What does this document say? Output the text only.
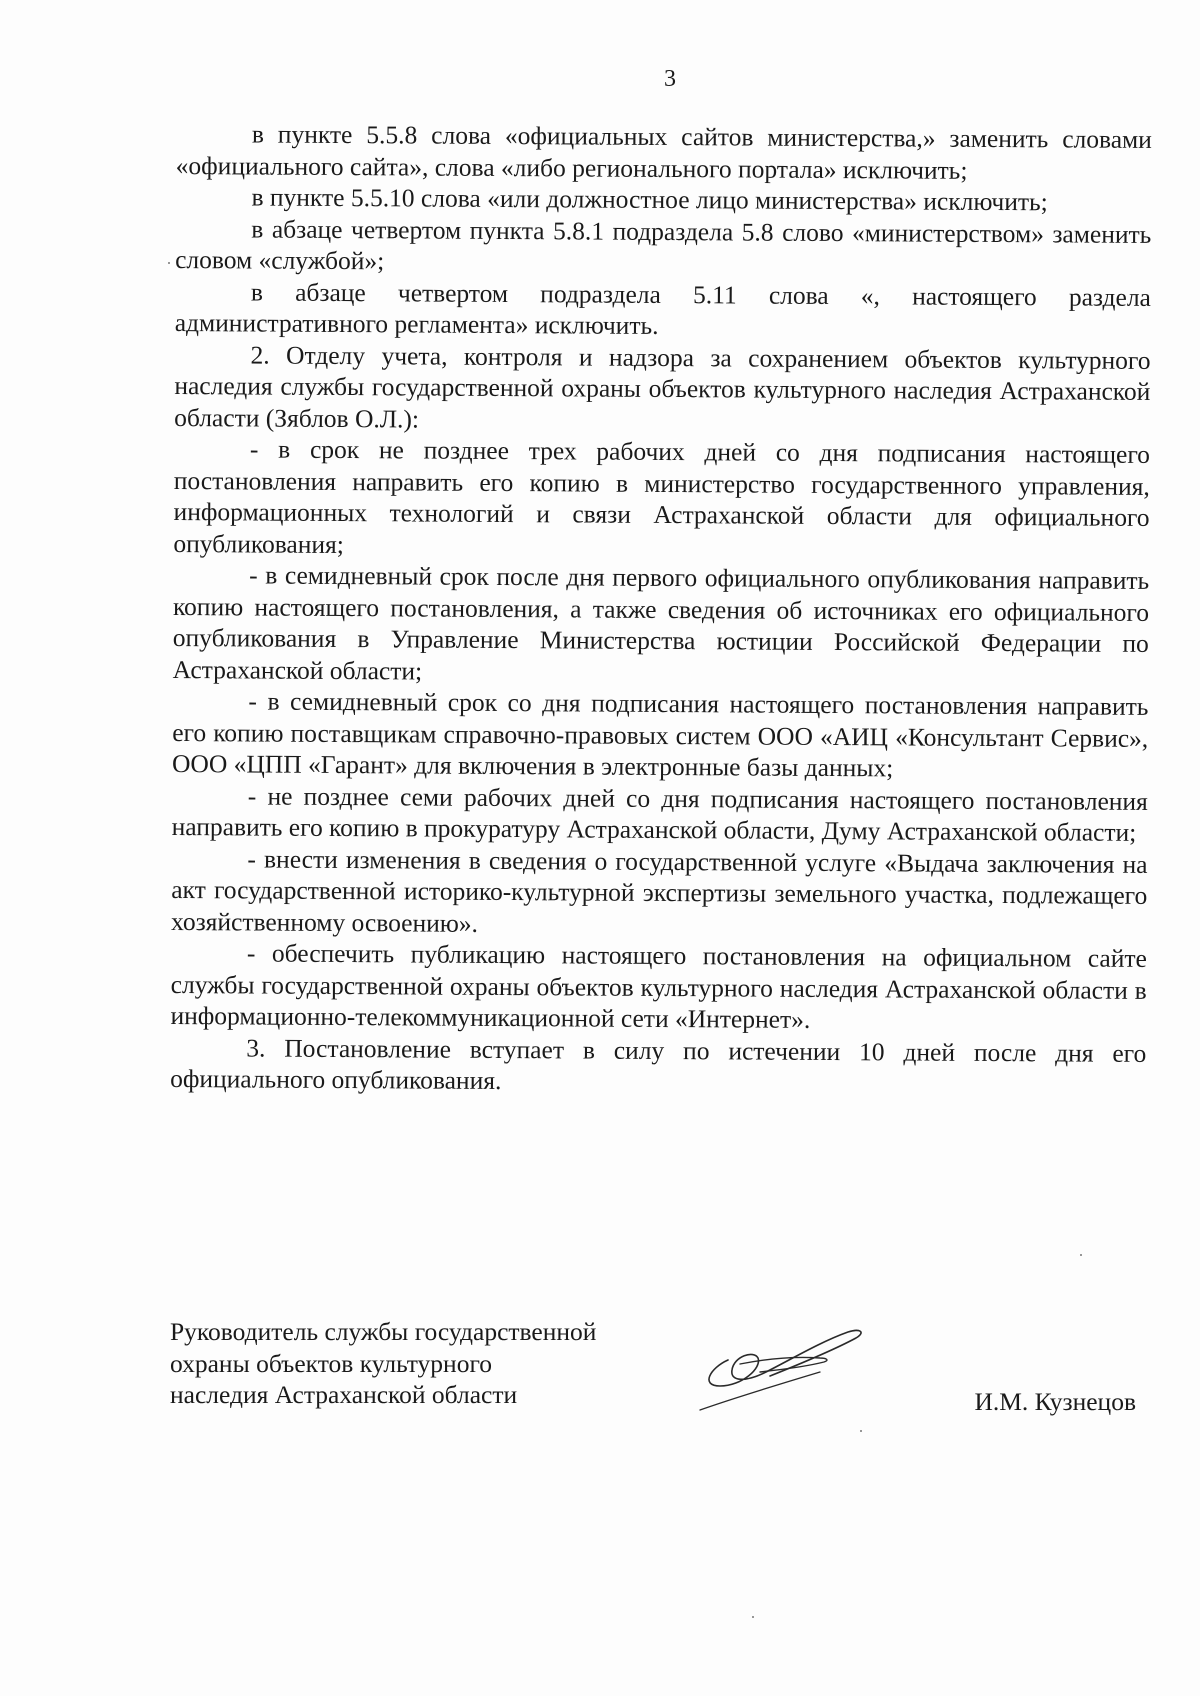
3

в пункте 5.5.8 слова «официальных сайтов министерства,» заменить словами «официального сайта», слова «либо регионального портала» исключить;

в пункте 5.5.10 слова «или должностное лицо министерства» исключить;

в абзаце четвертом пункта 5.8.1 подраздела 5.8 слово «министерством» заменить словом «службой»;

в абзаце четвертом подраздела 5.11 слова «, настоящего раздела административного регламента» исключить.

2. Отделу учета, контроля и надзора за сохранением объектов культурного наследия службы государственной охраны объектов культурного наследия Астраханской области (Зяблов О.Л.):

- в срок не позднее трех рабочих дней со дня подписания настоящего постановления направить его копию в министерство государственного управления, информационных технологий и связи Астраханской области для официального опубликования;

- в семидневный срок после дня первого официального опубликования направить копию настоящего постановления, а также сведения об источниках его официального опубликования в Управление Министерства юстиции Российской Федерации по Астраханской области;

- в семидневный срок со дня подписания настоящего постановления направить его копию поставщикам справочно-правовых систем ООО «АИЦ «Консультант Сервис», ООО «ЦПП «Гарант» для включения в электронные базы данных;

- не позднее семи рабочих дней со дня подписания настоящего постановления направить его копию в прокуратуру Астраханской области, Думу Астраханской области;

- внести изменения в сведения о государственной услуге «Выдача заключения на акт государственной историко-культурной экспертизы земельного участка, подлежащего хозяйственному освоению».

- обеспечить публикацию настоящего постановления на официальном сайте службы государственной охраны объектов культурного наследия Астраханской области в информационно-телекоммуникационной сети «Интернет».

3. Постановление вступает в силу по истечении 10 дней после дня его официального опубликования.

Руководитель службы государственной
охраны объектов культурного
наследия Астраханской области	И.М. Кузнецов
